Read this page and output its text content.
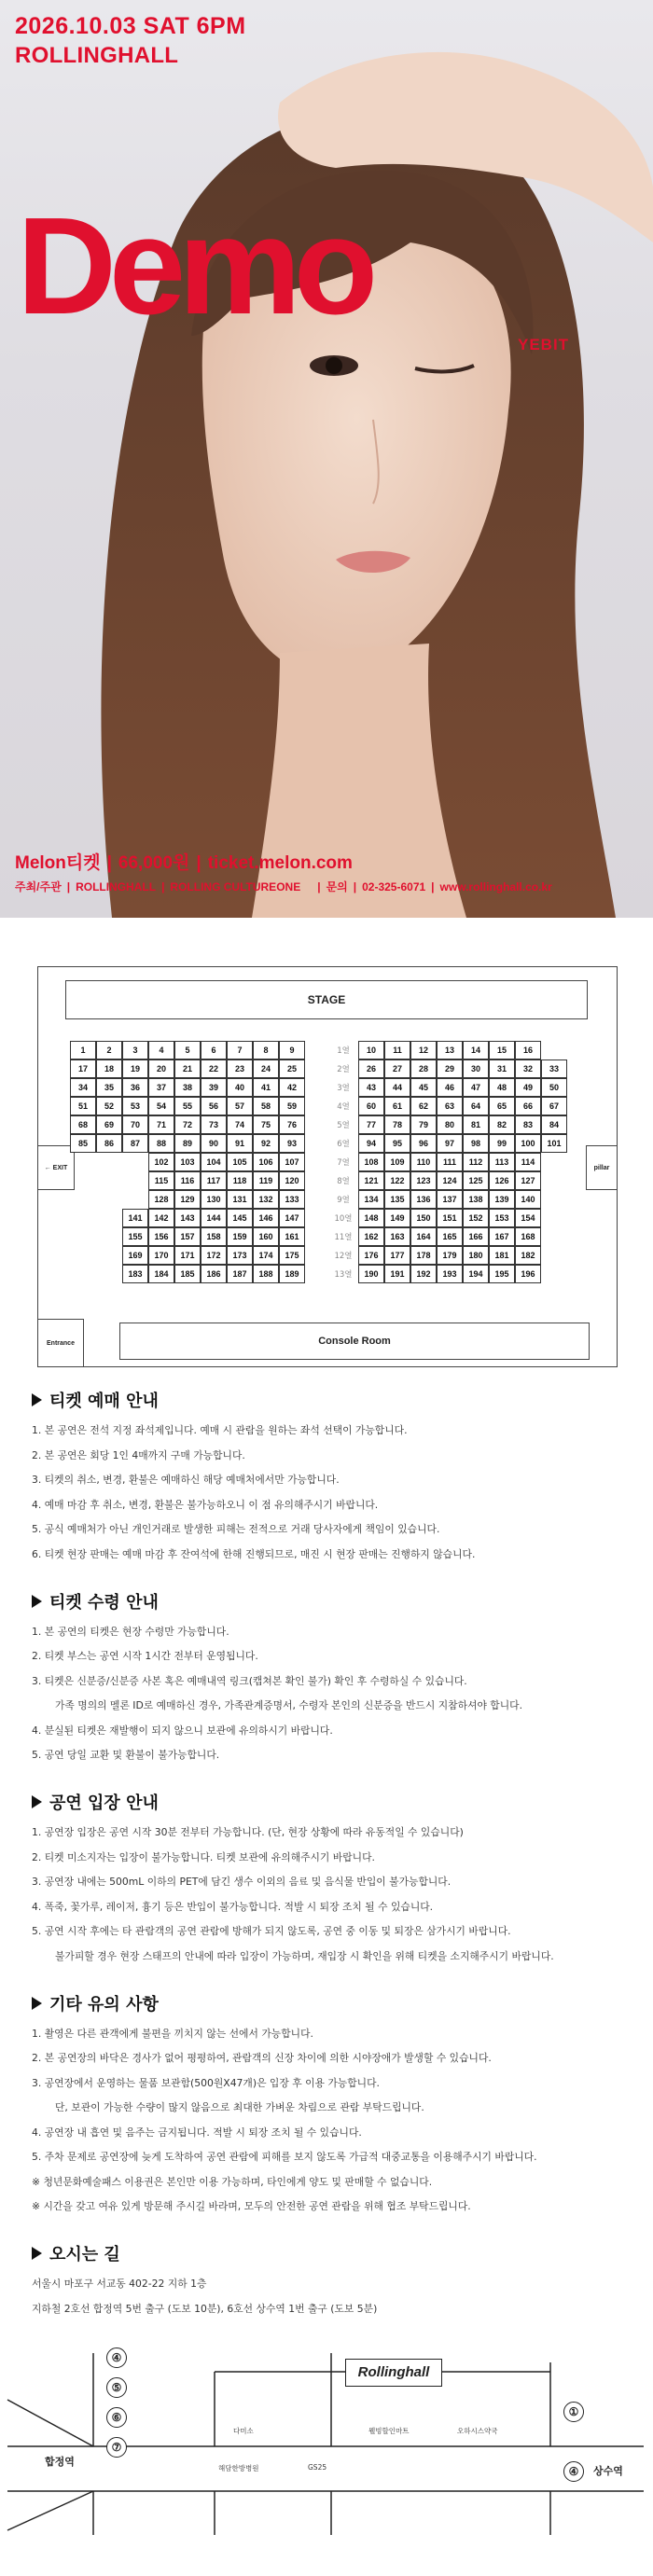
2026.10.03 SAT 6PM
ROLLINGHALL
Demo
YEBIT
Melon티켓 | 66,000원 | ticket.melon.com
주최/주관 | ROLLINGHALL | ROLLING CULTUREONE | 문의 | 02-325-6071 | www.rollinghall.co.kr
STAGE
← EXIT	pillar
Entrance	Console Room
1열
1	2	3	4	5	6	7	8	9	10	11	12	13	14	15	16
2열
17	18	19	20	21	22	23	24	25	26	27	28	29	30	31	32	33
3열
34	35	36	37	38	39	40	41	42	43	44	45	46	47	48	49	50
4열
51	52	53	54	55	56	57	58	59	60	61	62	63	64	65	66	67
5열
68	69	70	71	72	73	74	75	76	77	78	79	80	81	82	83	84
6열
85	86	87	88	89	90	91	92	93	94	95	96	97	98	99	100	101
7열
102	103	104	105	106	107	108	109	110	111	112	113	114
8열
115	116	117	118	119	120	121	122	123	124	125	126	127
9열
128	129	130	131	132	133	134	135	136	137	138	139	140
10열
141	142	143	144	145	146	147	148	149	150	151	152	153	154
11열
155	156	157	158	159	160	161	162	163	164	165	166	167	168
12열
169	170	171	172	173	174	175	176	177	178	179	180	181	182
13열
183	184	185	186	187	188	189	190	191	192	193	194	195	196
티켓 예매 안내

1. 본 공연은 전석 지정 좌석제입니다. 예매 시 관람을 원하는 좌석 선택이 가능합니다.

2. 본 공연은 회당 1인 4매까지 구매 가능합니다.

3. 티켓의 취소, 변경, 환불은 예매하신 해당 예매처에서만 가능합니다.

4. 예매 마감 후 취소, 변경, 환불은 불가능하오니 이 점 유의해주시기 바랍니다.

5. 공식 예매처가 아닌 개인거래로 발생한 피해는 전적으로 거래 당사자에게 책임이 있습니다.

6. 티켓 현장 판매는 예매 마감 후 잔여석에 한해 진행되므로, 매진 시 현장 판매는 진행하지 않습니다.

티켓 수령 안내

1. 본 공연의 티켓은 현장 수령만 가능합니다.

2. 티켓 부스는 공연 시작 1시간 전부터 운영됩니다.

3. 티켓은 신분증/신분증 사본 혹은 예매내역 링크(캡쳐본 확인 불가) 확인 후 수령하실 수 있습니다.

가족 명의의 멜론 ID로 예매하신 경우, 가족관계증명서, 수령자 본인의 신분증을 반드시 지참하셔야 합니다.

4. 분실된 티켓은 재발행이 되지 않으니 보관에 유의하시기 바랍니다.

5. 공연 당일 교환 및 환불이 불가능합니다.

공연 입장 안내

1. 공연장 입장은 공연 시작 30분 전부터 가능합니다. (단, 현장 상황에 따라 유동적일 수 있습니다)

2. 티켓 미소지자는 입장이 불가능합니다. 티켓 보관에 유의해주시기 바랍니다.

3. 공연장 내에는 500mL 이하의 PET에 담긴 생수 이외의 음료 및 음식물 반입이 불가능합니다.

4. 폭죽, 꽃가루, 레이저, 흉기 등은 반입이 불가능합니다. 적발 시 퇴장 조치 될 수 있습니다.

5. 공연 시작 후에는 타 관람객의 공연 관람에 방해가 되지 않도록, 공연 중 이동 및 퇴장은 삼가시기 바랍니다.

불가피할 경우 현장 스태프의 안내에 따라 입장이 가능하며, 재입장 시 확인을 위해 티켓을 소지해주시기 바랍니다.

기타 유의 사항

1. 촬영은 다른 관객에게 불편을 끼치지 않는 선에서 가능합니다.

2. 본 공연장의 바닥은 경사가 없어 평평하여, 관람객의 신장 차이에 의한 시야장애가 발생할 수 있습니다.

3. 공연장에서 운영하는 물품 보관함(500원X47개)은 입장 후 이용 가능합니다.

단, 보관이 가능한 수량이 많지 않음으로 최대한 가벼운 차림으로 관람 부탁드립니다.

4. 공연장 내 흡연 및 음주는 금지됩니다. 적발 시 퇴장 조치 될 수 있습니다.

5. 주차 문제로 공연장에 늦게 도착하여 공연 관람에 피해를 보지 않도록 가급적 대중교통을 이용해주시기 바랍니다.

※ 청년문화예술패스 이용권은 본인만 이용 가능하며, 타인에게 양도 및 판매할 수 없습니다.

※ 시간을 갖고 여유 있게 방문해 주시길 바라며, 모두의 안전한 공연 관람을 위해 협조 부탁드립니다.

오시는 길

서울시 마포구 서교동 402-22 지하 1층

지하철 2호선 합정역 5번 출구 (도보 10분), 6호선 상수역 1번 출구 (도보 5분)

Rollinghall
④
⑤
⑥
⑦
①
④
합정역
상수역
다미소	웰빙할인마트	오하시스약국
GS25
해담한방병원
